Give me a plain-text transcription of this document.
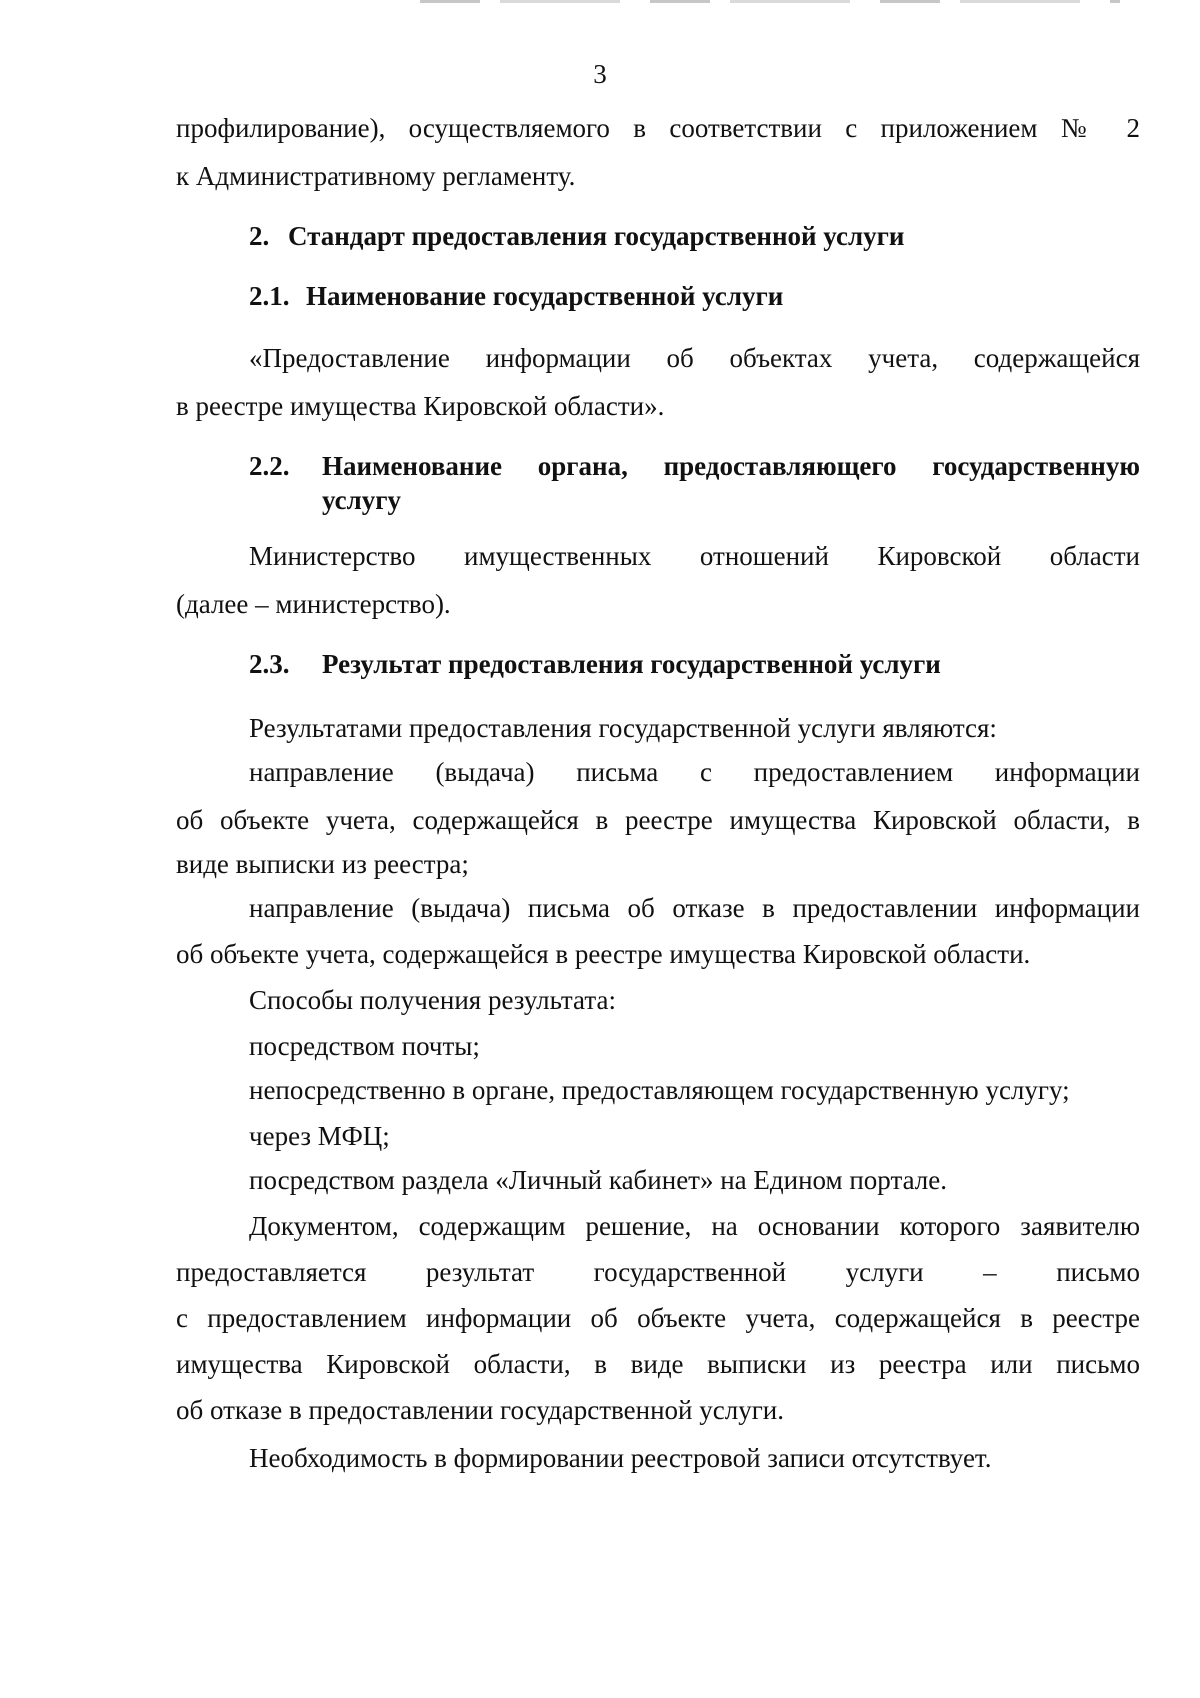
3
профилирование), осуществляемого в соответствии с приложением № 2
к Административному регламенту.
2. Стандарт предоставления государственной услуги
2.1. Наименование государственной услуги
«Предоставление информации об объектах учета, содержащейся
в реестре имущества Кировской области».
2.2. Наименование органа, предоставляющего государственную
услугу
Министерство имущественных отношений Кировской области
(далее – министерство).
2.3. Результат предоставления государственной услуги
Результатами предоставления государственной услуги являются:
направление (выдача) письма с предоставлением информации
об объекте учета, содержащейся в реестре имущества Кировской области, в
виде выписки из реестра;
направление (выдача) письма об отказе в предоставлении информации
об объекте учета, содержащейся в реестре имущества Кировской области.
Способы получения результата:
посредством почты;
непосредственно в органе, предоставляющем государственную услугу;
через МФЦ;
посредством раздела «Личный кабинет» на Едином портале.
Документом, содержащим решение, на основании которого заявителю
предоставляется результат государственной услуги – письмо
с предоставлением информации об объекте учета, содержащейся в реестре
имущества Кировской области, в виде выписки из реестра или письмо
об отказе в предоставлении государственной услуги.
Необходимость в формировании реестровой записи отсутствует.
